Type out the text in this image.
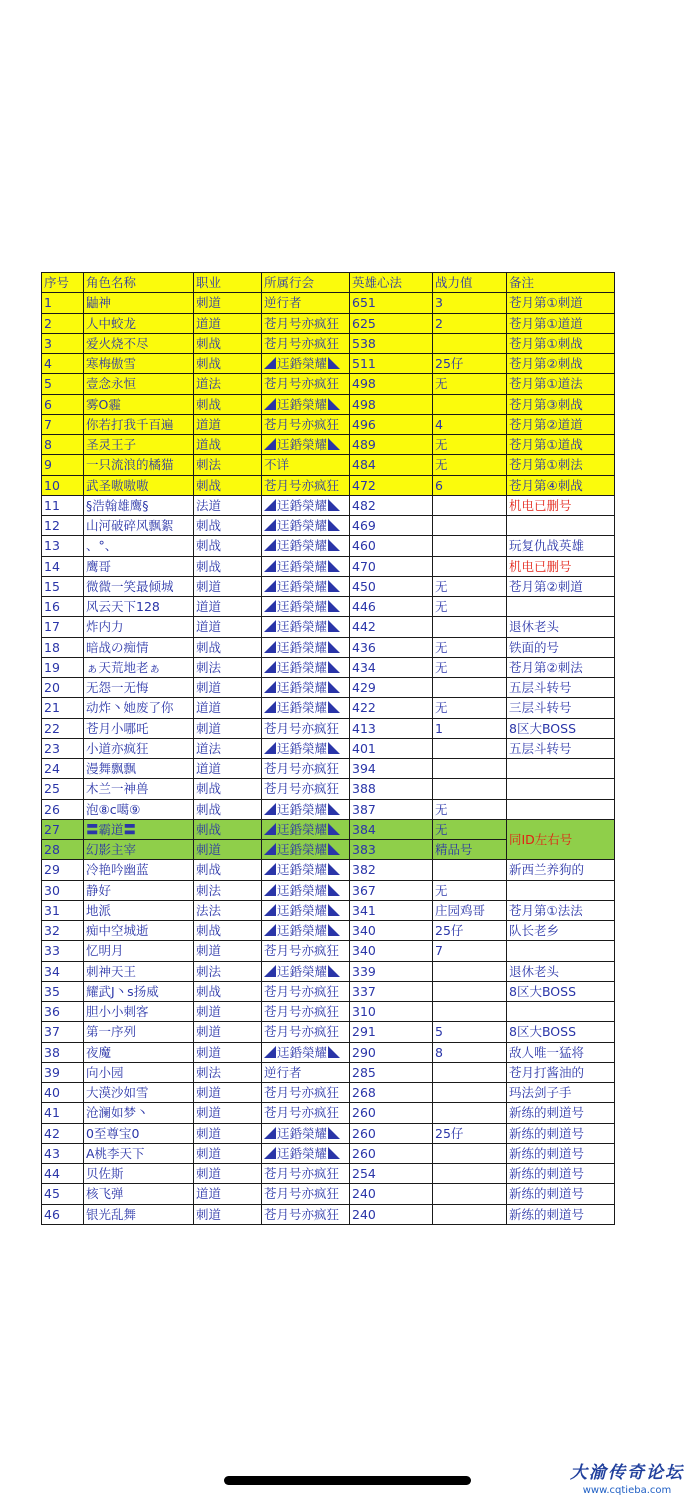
序号	角色名称	职业	所属行会	英雄心法	战力值	备注
1	鼬神	刺道	逆行者	651	3	苍月第①刺道
2	人中蛟龙	道道	苍月号亦疯狂	625	2	苍月第①道道
3	爱火烧不尽	刺战	苍月号亦疯狂	538		苍月第①刺战
4	寒梅傲雪	刺战	迋銽榮耀	511	25仔	苍月第②刺战
5	壹念永恒	道法	苍月号亦疯狂	498	无	苍月第①道法
6	雾O霾	刺战	迋銽榮耀	498		苍月第③刺战
7	你若打我千百遍	道道	苍月号亦疯狂	496	4	苍月第②道道
8	圣灵王子	道战	迋銽榮耀	489	无	苍月第①道战
9	一只流浪的橘猫	刺法	不详	484	无	苍月第①刺法
10	武圣嗷嗷嗷	刺战	苍月号亦疯狂	472	6	苍月第④刺战
11	§浩翰雄鹰§	法道	迋銽榮耀	482		机电已删号
12	山河破碎风飘絮	刺战	迋銽榮耀	469		
13	、°、	刺战	迋銽榮耀	460		玩复仇战英雄
14	鹰哥	刺战	迋銽榮耀	470		机电已删号
15	微微一笑最倾城	刺道	迋銽榮耀	450	无	苍月第②刺道
16	风云天下128	道道	迋銽榮耀	446	无	
17	炸内力	道道	迋銽榮耀	442		退休老头
18	暗战の痴情	刺战	迋銽榮耀	436	无	铁面的号
19	ぁ天荒地老ぁ	刺法	迋銽榮耀	434	无	苍月第②刺法
20	无怨一无悔	刺道	迋銽榮耀	429		五层斗转号
21	动炸丶她废了你	道道	迋銽榮耀	422	无	三层斗转号
22	苍月小哪吒	刺道	苍月号亦疯狂	413	1	8区大BOSS
23	小道亦疯狂	道法	迋銽榮耀	401		五层斗转号
24	漫舞飘飘	道道	苍月号亦疯狂	394		
25	木兰一神兽	刺战	苍月号亦疯狂	388		
26	泡⑧c噶⑨	刺战	迋銽榮耀	387	无	
27	〓霸道〓	刺战	迋銽榮耀	384	无	同ID左右号
28	幻影主宰	刺道	迋銽榮耀	383	精品号	
29	冷艳吟幽蓝	刺战	迋銽榮耀	382		新西兰养狗的
30	静好	刺法	迋銽榮耀	367	无	
31	地派	法法	迋銽榮耀	341	庄园鸡哥	苍月第①法法
32	痴中空城逝	刺战	迋銽榮耀	340	25仔	队长老乡
33	忆明月	刺道	苍月号亦疯狂	340	7	
34	刺神天王	刺法	迋銽榮耀	339		退休老头
35	耀武J丶s扬威	刺战	苍月号亦疯狂	337		8区大BOSS
36	胆小小刺客	刺道	苍月号亦疯狂	310		
37	第一序列	刺道	苍月号亦疯狂	291	5	8区大BOSS
38	夜魔	刺道	迋銽榮耀	290	8	敌人唯一猛将
39	向小园	刺法	逆行者	285		苍月打酱油的
40	大漠沙如雪	刺道	苍月号亦疯狂	268		玛法剑子手
41	沧澜如梦丶	刺道	苍月号亦疯狂	260		新练的刺道号
42	0至尊宝0	刺道	迋銽榮耀	260	25仔	新练的刺道号
43	A桃李天下	刺道	迋銽榮耀	260		新练的刺道号
44	贝佐斯	刺道	苍月号亦疯狂	254		新练的刺道号
45	核飞弹	道道	苍月号亦疯狂	240		新练的刺道号
46	银光乱舞	刺道	苍月号亦疯狂	240		新练的刺道号
大渝传奇论坛
www.cqtieba.com
